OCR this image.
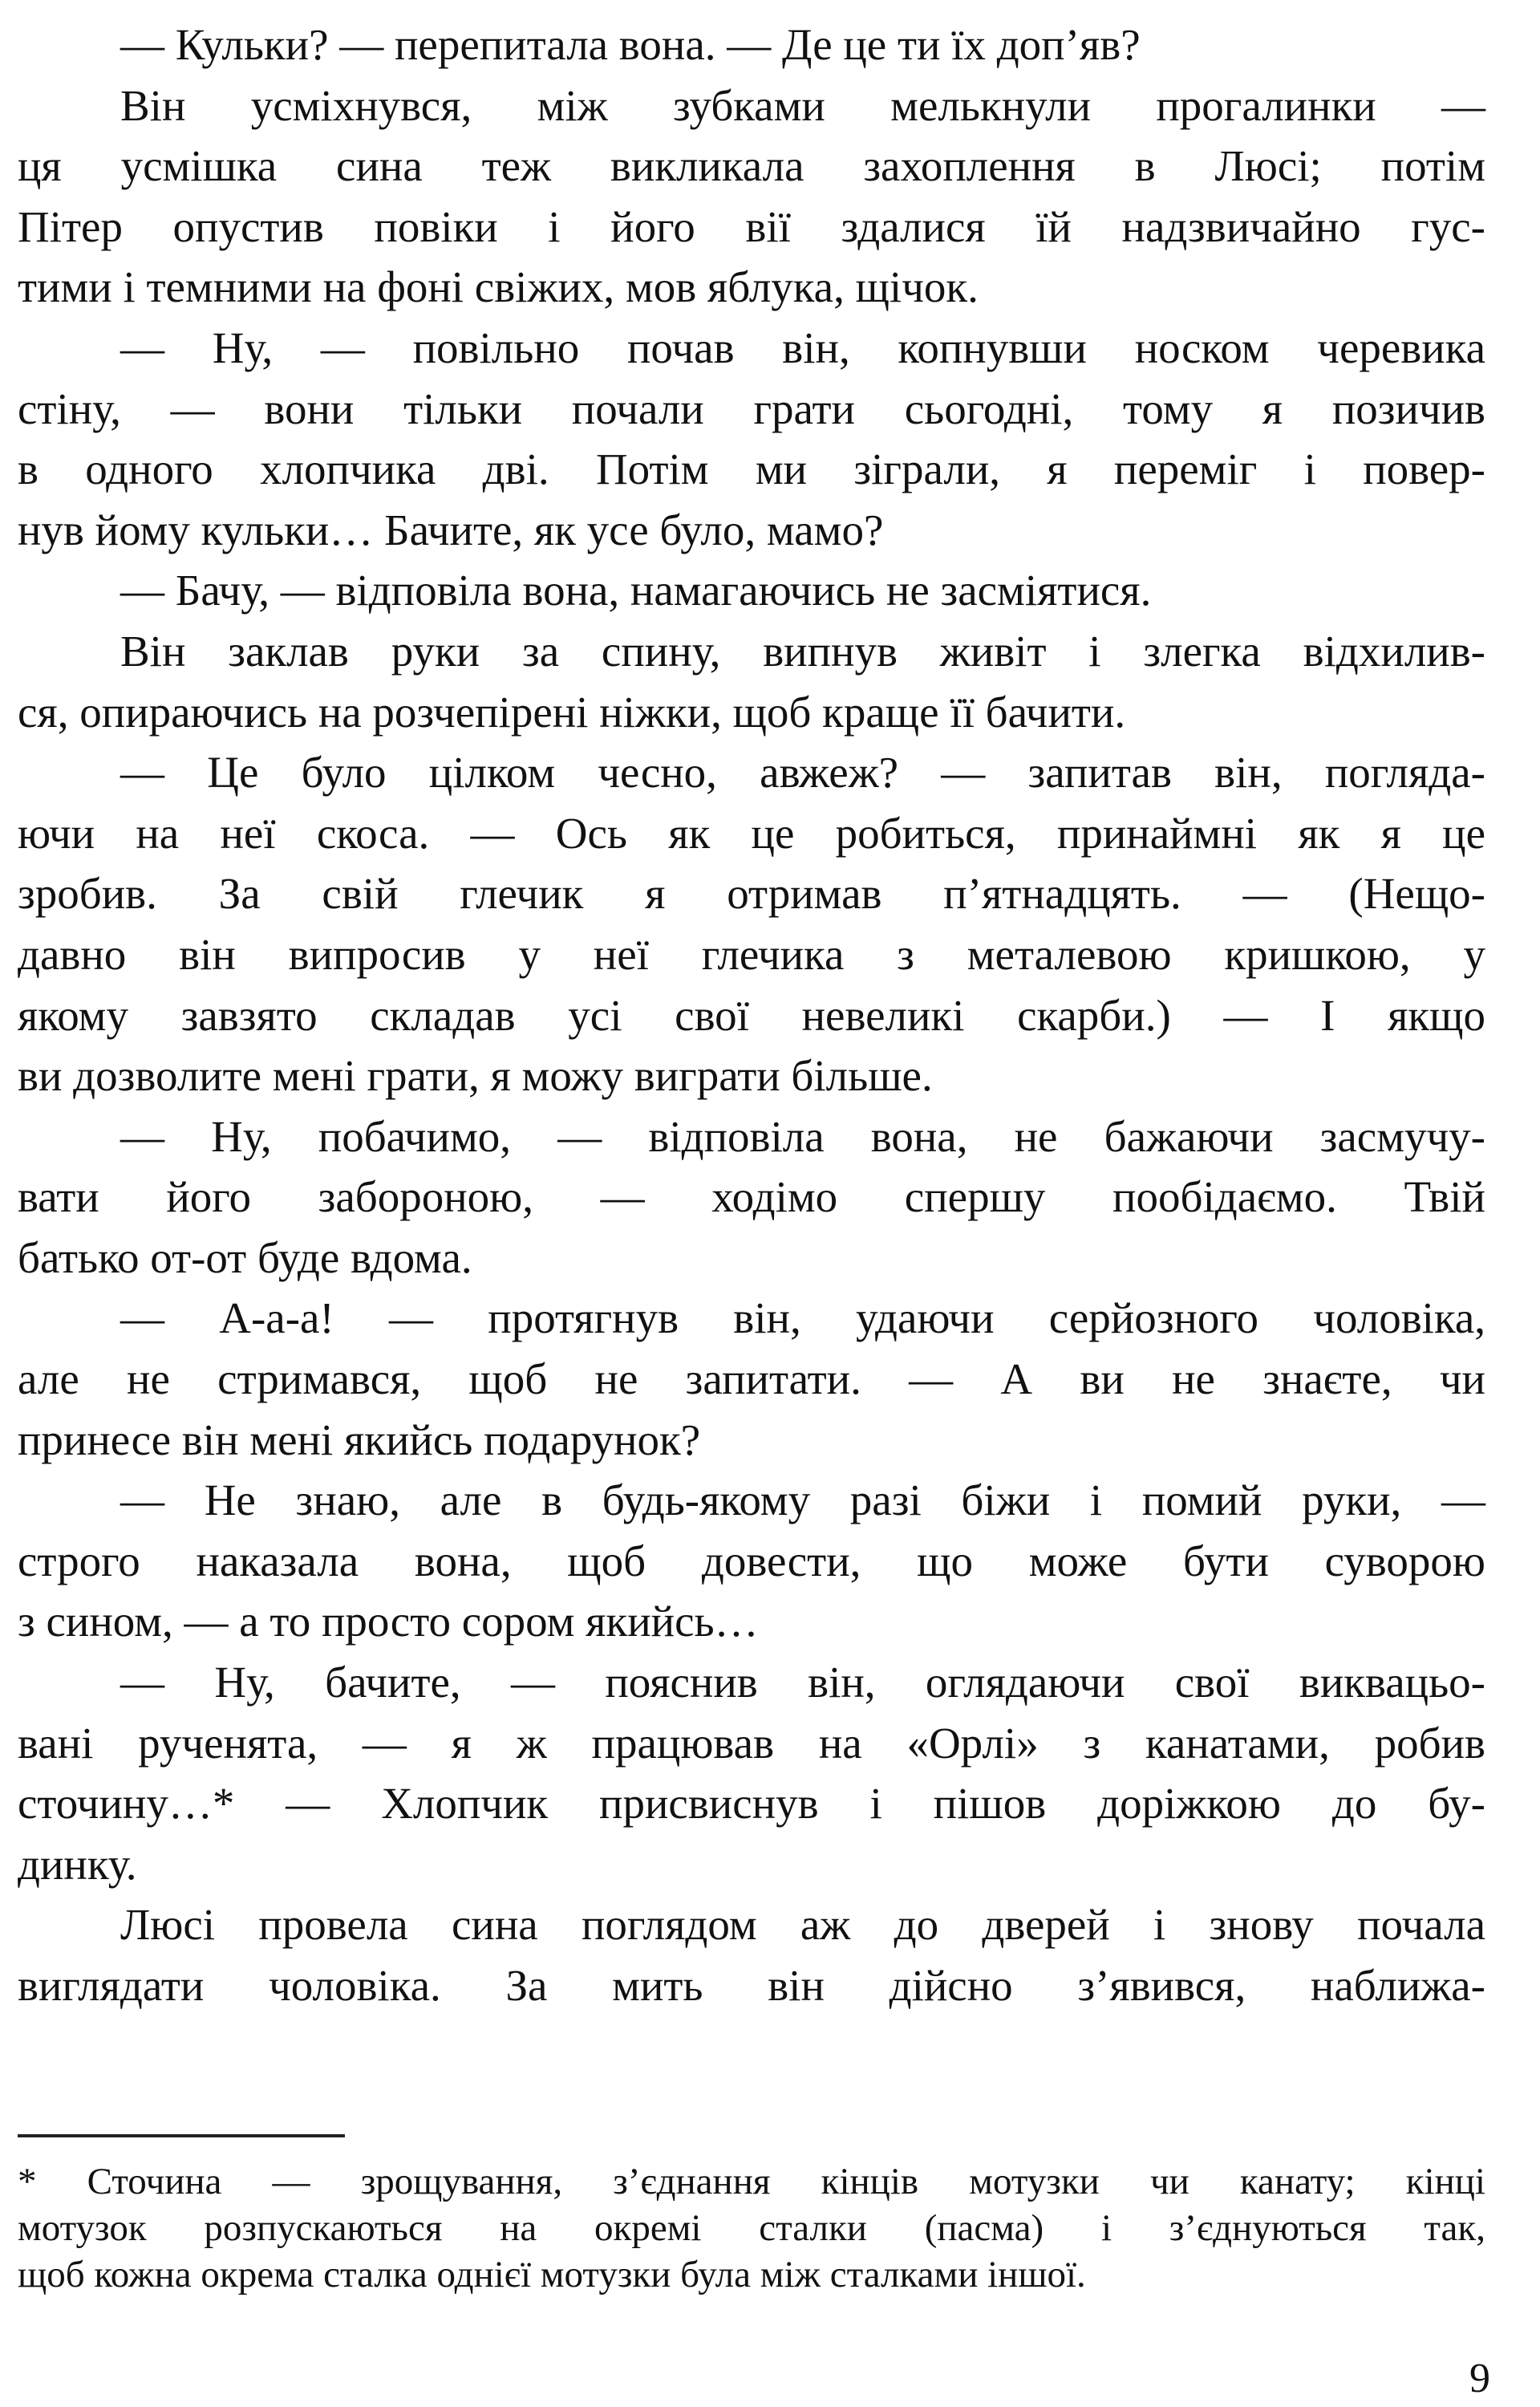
— Кульки? — перепитала вона. — Де це ти їх доп’яв?
Він усміхнувся, між зубками мелькнули прогалинки —
ця усмішка сина теж викликала захоплення в Люсі; потім
Пітер опустив повіки і його вії здалися їй надзвичайно гус-
тими і темними на фоні свіжих, мов яблука, щічок.
— Ну, — повільно почав він, копнувши носком черевика
стіну, — вони тільки почали грати сьогодні, тому я позичив
в одного хлопчика дві. Потім ми зіграли, я переміг і повер-
нув йому кульки… Бачите, як усе було, мамо?
— Бачу, — відповіла вона, намагаючись не засміятися.
Він заклав руки за спину, випнув живіт і злегка відхилив-
ся, опираючись на розчепірені ніжки, щоб краще її бачити.
— Це було цілком чесно, авжеж? — запитав він, погляда-
ючи на неї скоса. — Ось як це робиться, принаймні як я це
зробив. За свій глечик я отримав п’ятнадцять. — (Нещо-
давно він випросив у неї глечика з металевою кришкою, у
якому завзято складав усі свої невеликі скарби.) — І якщо
ви дозволите мені грати, я можу виграти більше.
— Ну, побачимо, — відповіла вона, не бажаючи засмучу-
вати його забороною, — ходімо спершу пообідаємо. Твій
батько от-от буде вдома.
— А-а-а! — протягнув він, удаючи серйозного чоловіка,
але не стримався, щоб не запитати. — А ви не знаєте, чи
принесе він мені якийсь подарунок?
— Не знаю, але в будь-якому разі біжи і помий руки, —
строго наказала вона, щоб довести, що може бути суворою
з сином, — а то просто сором якийсь…
— Ну, бачите, — пояснив він, оглядаючи свої виквацьо-
вані рученята, — я ж працював на «Орлі» з канатами, робив
сточину…* — Хлопчик присвиснув і пішов доріжкою до бу-
динку.
Люсі провела сина поглядом аж до дверей і знову почала
виглядати чоловіка. За мить він дійсно з’явився, наближа-
* Сточина — зрощування, з’єднання кінців мотузки чи канату; кінці
мотузок розпускаються на окремі сталки (пасма) і з’єднуються так,
щоб кожна окрема сталка однієї мотузки була між сталками іншої.
9
